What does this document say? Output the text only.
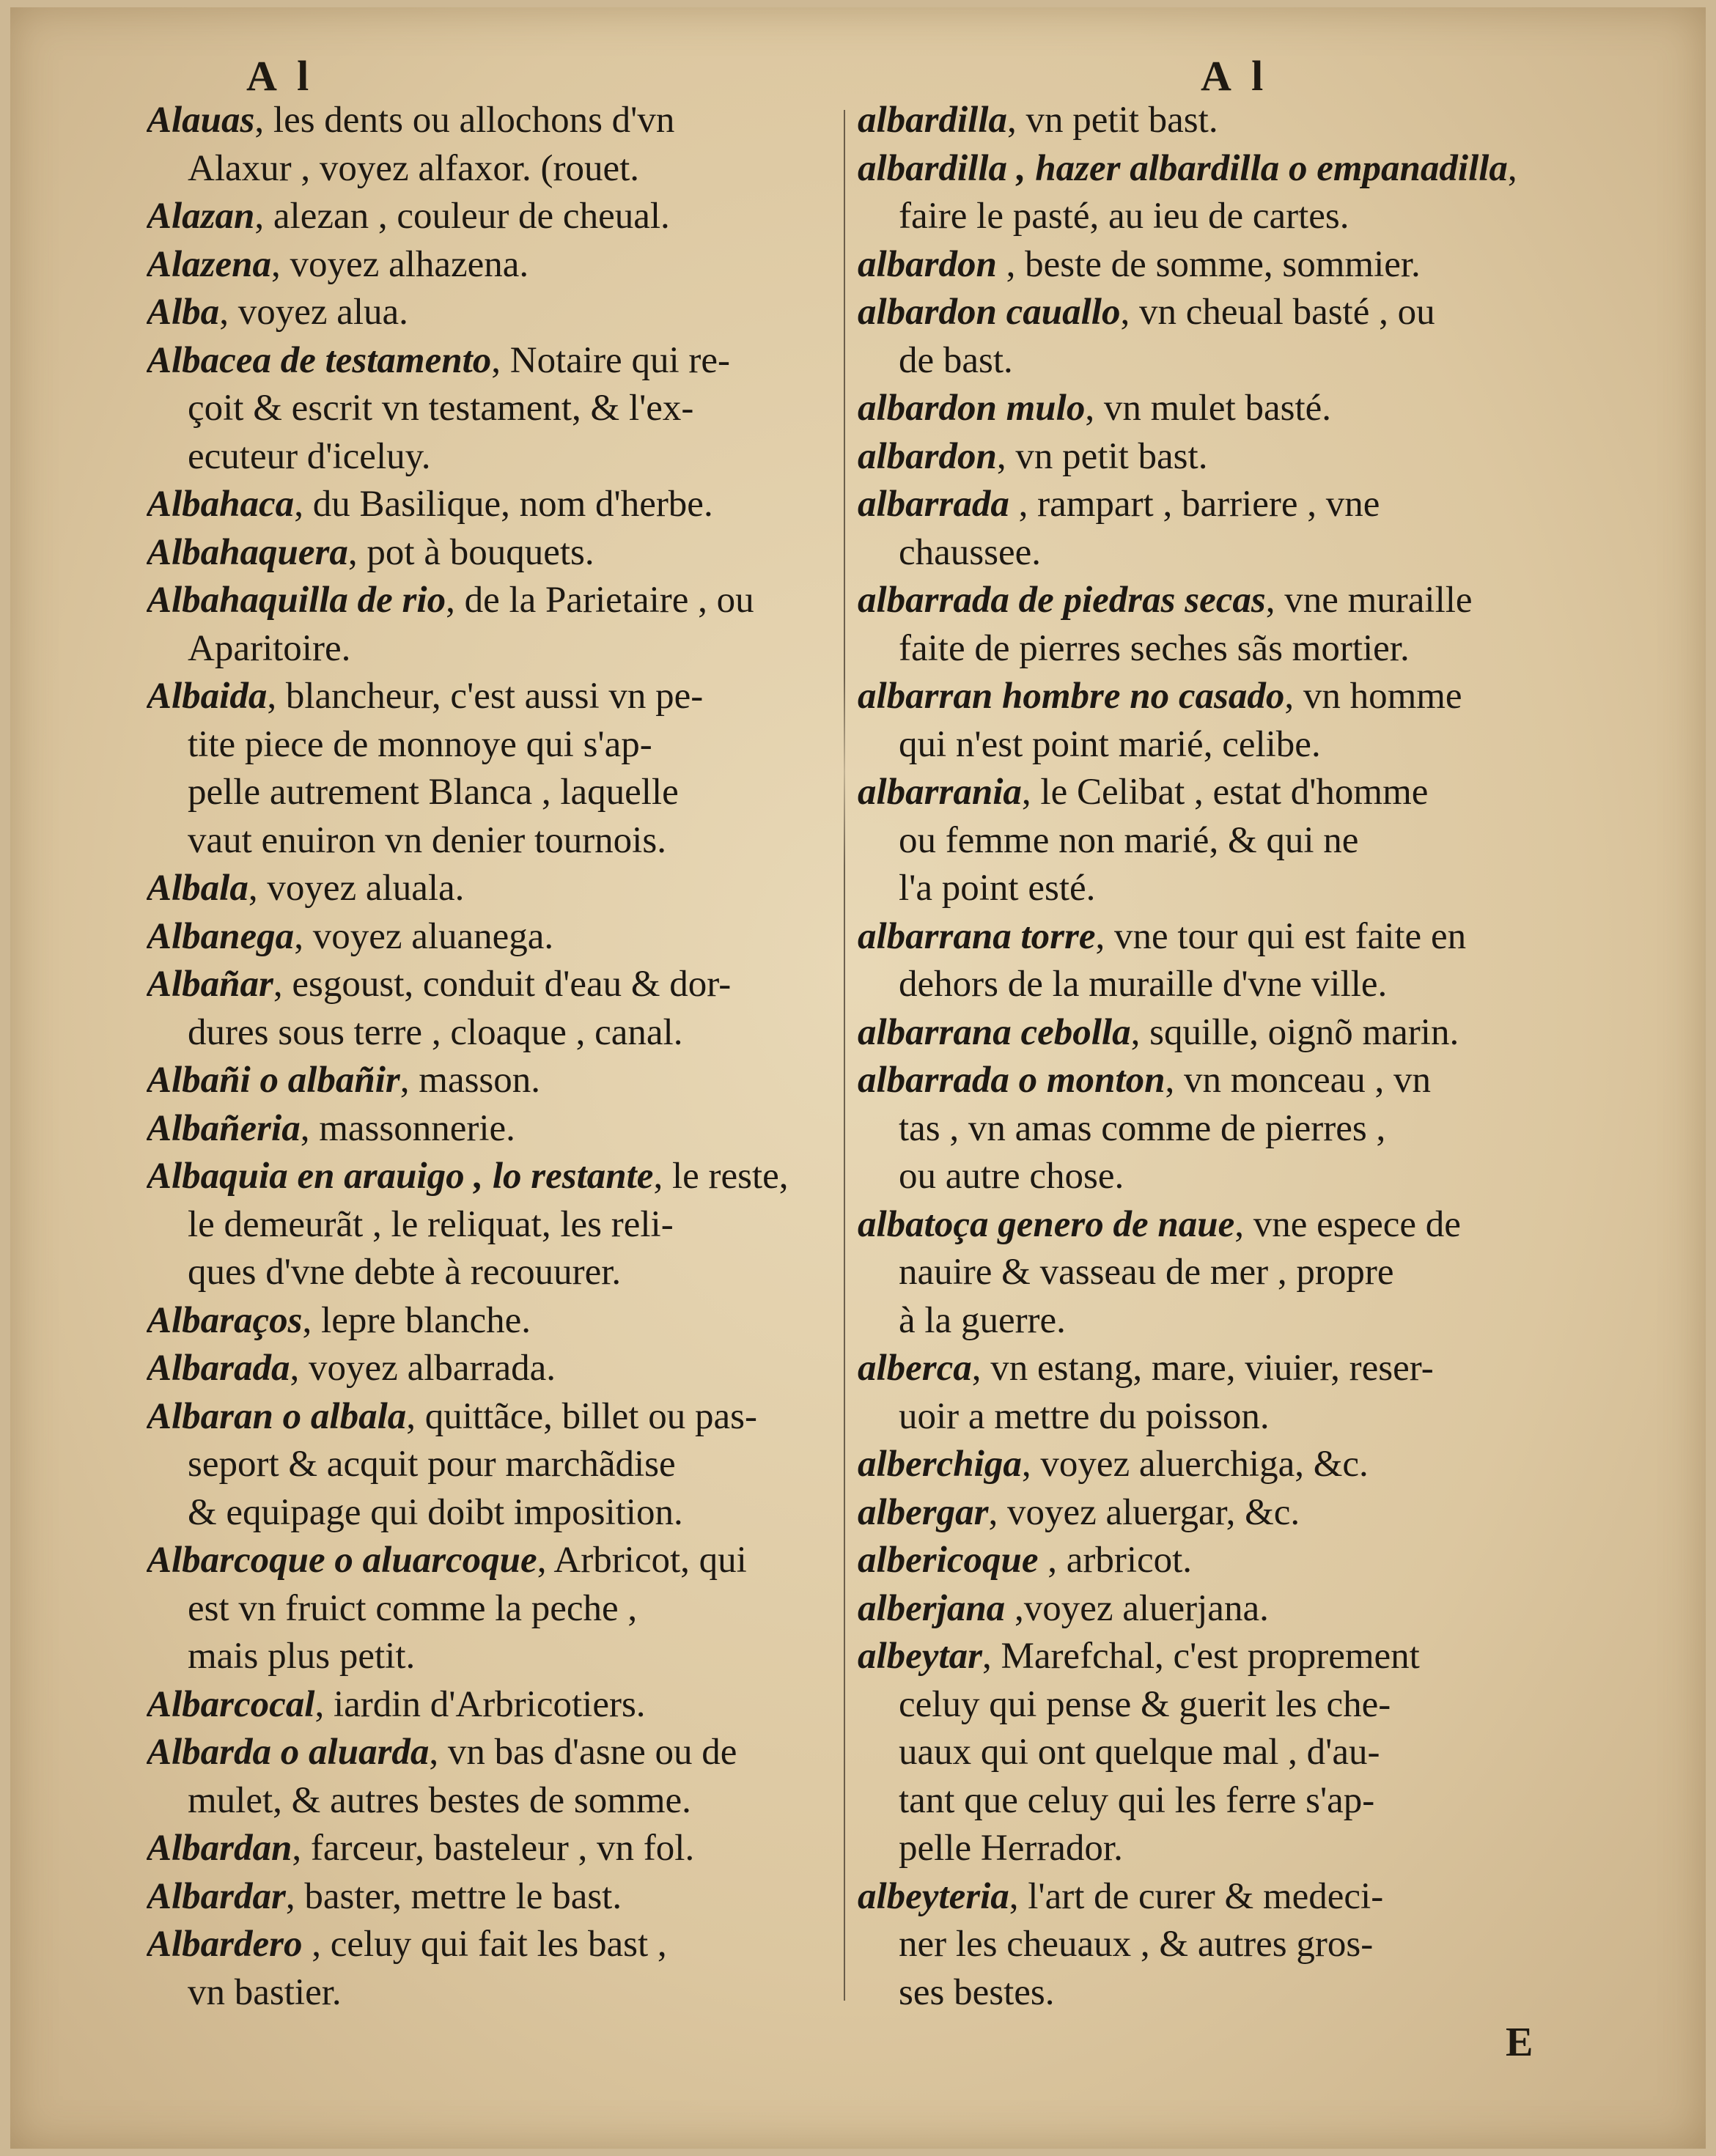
A l	A l
Alauas, les dents ou allochons d'vn
Alaxur , voyez alfaxor. (rouet.
Alazan, alezan , couleur de cheual.
Alazena, voyez alhazena.
Alba, voyez alua.
Albacea de testamento, Notaire qui re-
çoit & escrit vn testament, & l'ex-
ecuteur d'iceluy.
Albahaca, du Basilique, nom d'herbe.
Albahaquera, pot à bouquets.
Albahaquilla de rio, de la Parietaire , ou
Aparitoire.
Albaida, blancheur, c'est aussi vn pe-
tite piece de monnoye qui s'ap-
pelle autrement Blanca , laquelle
vaut enuiron vn denier tournois.
Albala, voyez aluala.
Albanega, voyez aluanega.
Albañar, esgoust, conduit d'eau & dor-
dures sous terre , cloaque , canal.
Albañi o albañir, masson.
Albañeria, massonnerie.
Albaquia en arauigo , lo restante, le reste,
le demeurãt , le reliquat, les reli-
ques d'vne debte à recouurer.
Albaraços, lepre blanche.
Albarada, voyez albarrada.
Albaran o albala, quittãce, billet ou pas-
seport & acquit pour marchãdise
& equipage qui doibt imposition.
Albarcoque o aluarcoque, Arbricot, qui
est vn fruict comme la peche ,
mais plus petit.
Albarcocal, iardin d'Arbricotiers.
Albarda o aluarda, vn bas d'asne ou de
mulet, & autres bestes de somme.
Albardan, farceur, basteleur , vn fol.
Albardar, baster, mettre le bast.
Albardero , celuy qui fait les bast ,
vn bastier.
albardilla, vn petit bast.
albardilla , hazer albardilla o empanadilla,
faire le pasté, au ieu de cartes.
albardon , beste de somme, sommier.
albardon cauallo, vn cheual basté , ou
de bast.
albardon mulo, vn mulet basté.
albardon, vn petit bast.
albarrada , rampart , barriere , vne
chaussee.
albarrada de piedras secas, vne muraille
faite de pierres seches sãs mortier.
albarran hombre no casado, vn homme
qui n'est point marié, celibe.
albarrania, le Celibat , estat d'homme
ou femme non marié, & qui ne
l'a point esté.
albarrana torre, vne tour qui est faite en
dehors de la muraille d'vne ville.
albarrana cebolla, squille, oignõ marin.
albarrada o monton, vn monceau , vn
tas , vn amas comme de pierres ,
ou autre chose.
albatoça genero de naue, vne espece de
nauire & vasseau de mer , propre
à la guerre.
alberca, vn estang, mare, viuier, reser-
uoir a mettre du poisson.
alberchiga, voyez aluerchiga, &c.
albergar, voyez aluergar, &c.
albericoque , arbricot.
alberjana ,voyez aluerjana.
albeytar, Marefchal, c'est proprement
celuy qui pense & guerit les che-
uaux qui ont quelque mal , d'au-
tant que celuy qui les ferre s'ap-
pelle Herrador.
albeyteria, l'art de curer & medeci-
ner les cheuaux , & autres gros-
ses bestes.
E
